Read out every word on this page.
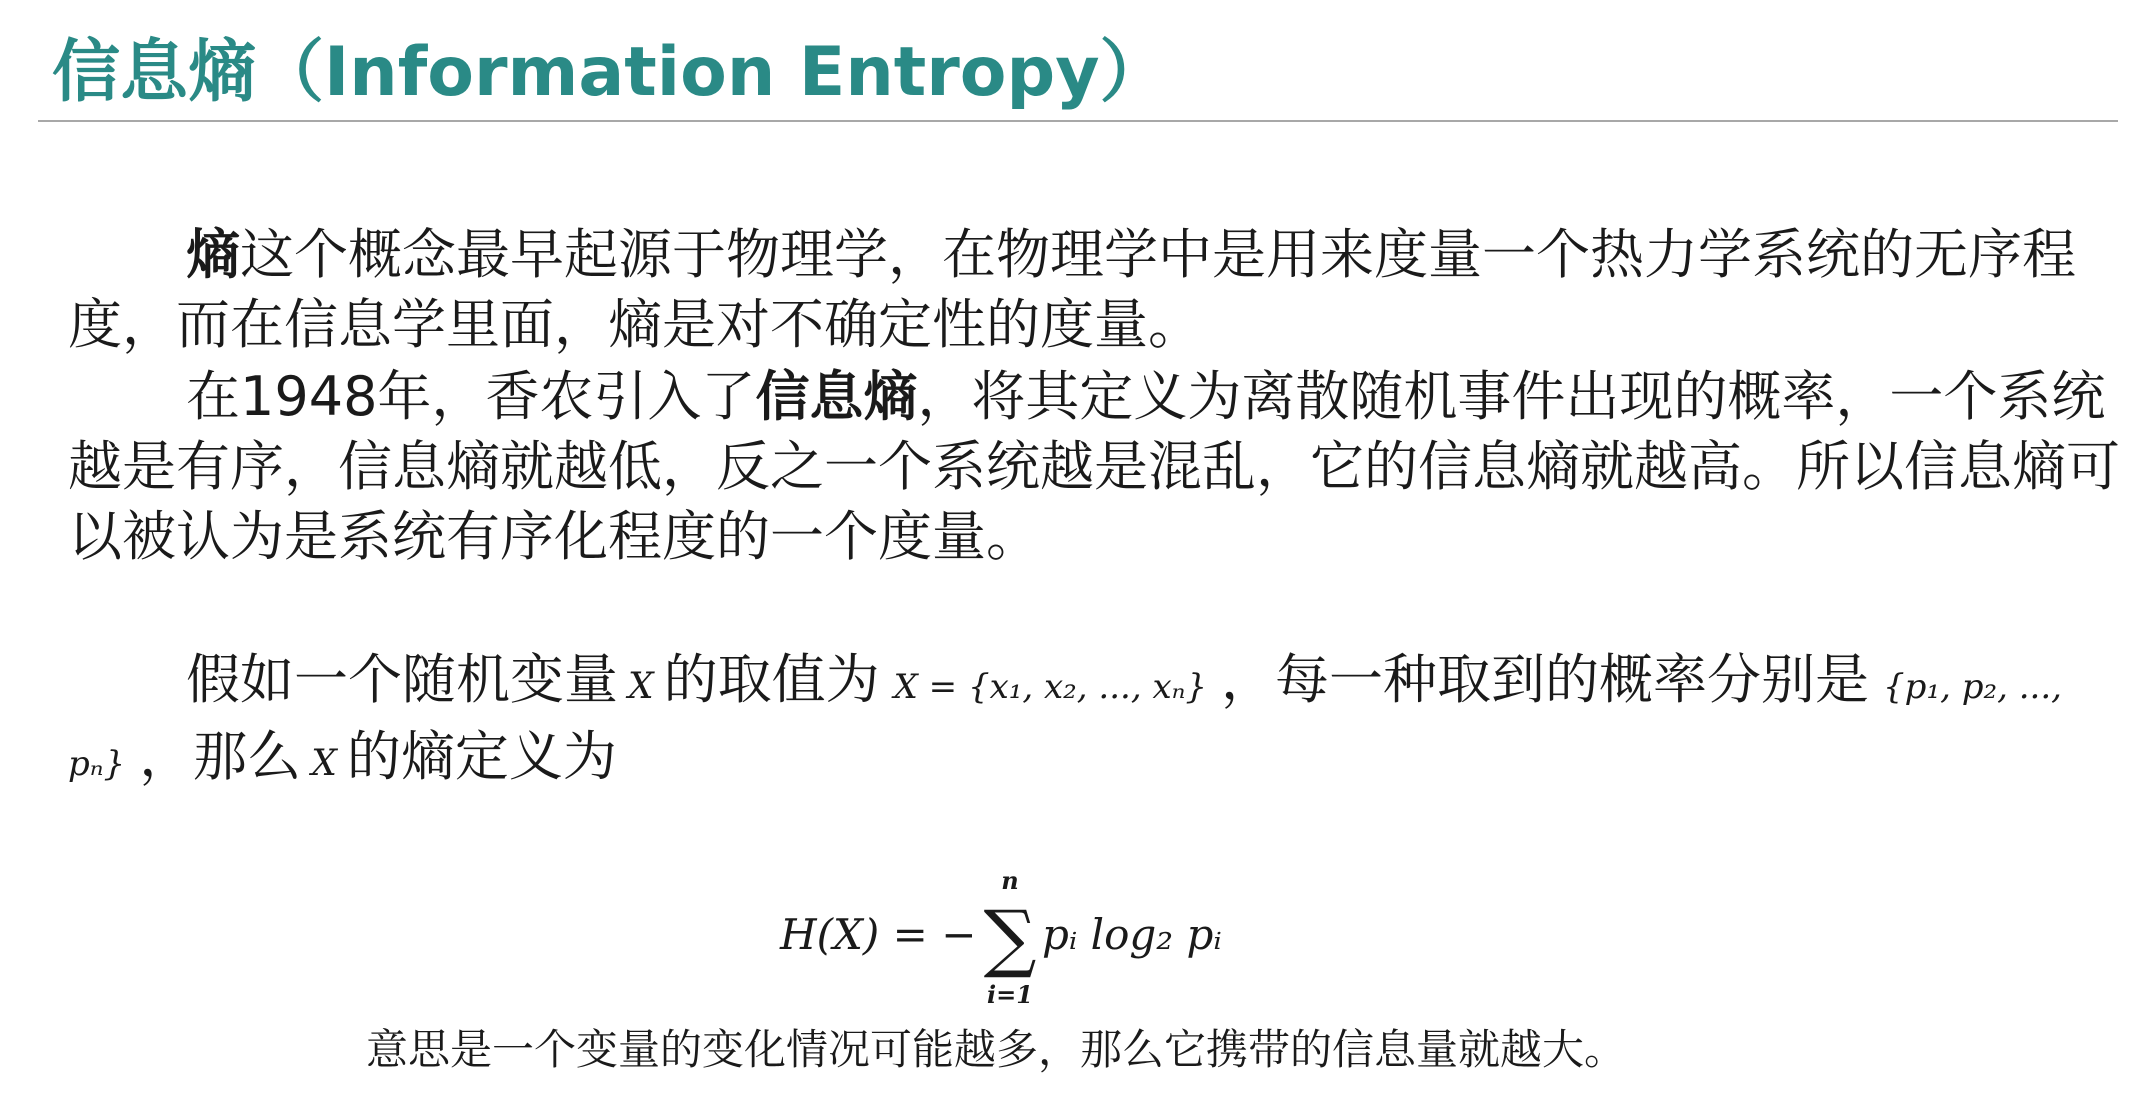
信息熵（Information Entropy）
熵这个概念最早起源于物理学，在物理学中是用来度量一个热力学系统的无序程度，而在信息学里面，熵是对不确定性的度量。
在1948年，香农引入了信息熵，将其定义为离散随机事件出现的概率，一个系统越是有序，信息熵就越低，反之一个系统越是混乱，它的信息熵就越高。所以信息熵可以被认为是系统有序化程度的一个度量。
假如一个随机变量 X 的取值为 X = {x₁, x₂, ..., xₙ} ，每一种取到的概率分别是 {p₁, p₂, ..., pₙ} ，那么 X 的熵定义为
H(X) = −
n
∑
i=1
pᵢ log₂ pᵢ
意思是一个变量的变化情况可能越多，那么它携带的信息量就越大。
